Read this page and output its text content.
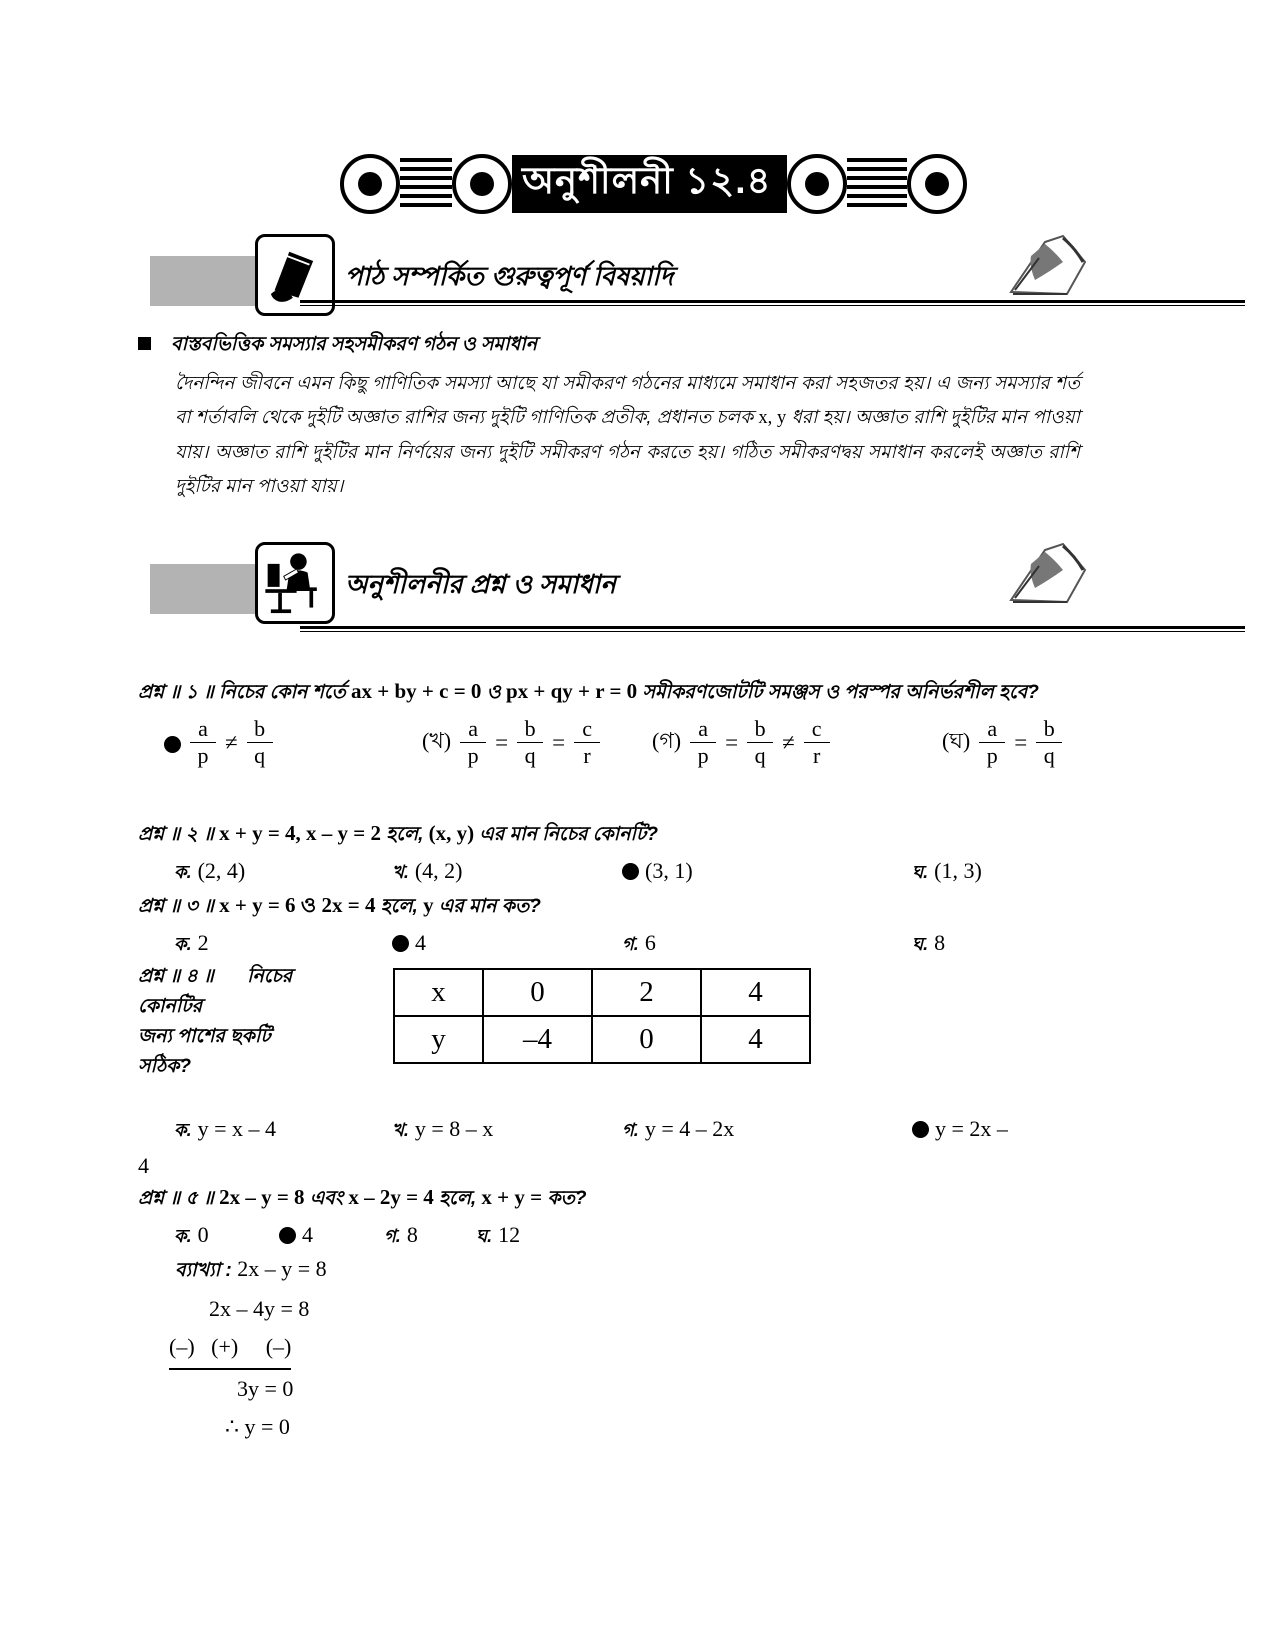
অনুশীলনী ১২.৪
পাঠ সম্পর্কিত গুরুত্বপূর্ণ বিষয়াদি
বাস্তবভিত্তিক সমস্যার সহসমীকরণ গঠন ও সমাধান
দৈনন্দিন জীবনে এমন কিছু গাণিতিক সমস্যা আছে যা সমীকরণ গঠনের মাধ্যমে সমাধান করা সহজতর হয়। এ জন্য সমস্যার শর্ত বা শর্তাবলি থেকে দুইটি অজ্ঞাত রাশির জন্য দুইটি গাণিতিক প্রতীক, প্রধানত চলক x, y ধরা হয়। অজ্ঞাত রাশি দুইটির মান পাওয়া যায়। অজ্ঞাত রাশি দুইটির মান নির্ণয়ের জন্য দুইটি সমীকরণ গঠন করতে হয়। গঠিত সমীকরণদ্বয় সমাধান করলেই অজ্ঞাত রাশি দুইটির মান পাওয়া যায়।
অনুশীলনীর প্রশ্ন ও সমাধান
প্রশ্ন ॥ ১ ॥ নিচের কোন শর্তে ax + by + c = 0 ও px + qy + r = 0 সমীকরণজোটটি সমঞ্জস ও পরস্পর অনির্ভরশীল হবে?
$\frac{a}{p} \ne \frac{b}{q}$	(খ) $\frac{a}{p} = \frac{b}{q} = \frac{c}{r}$ (গ) $\frac{a}{p} = \frac{b}{q} \ne \frac{c}{r}$	(ঘ) $\frac{a}{p} = \frac{b}{q}$
প্রশ্ন ॥ ২ ॥ x + y = 4, x – y = 2 হলে, (x, y) এর মান নিচের কোনটি?
ক. (2, 4)	খ. (4, 2)	(3, 1)	ঘ. (1, 3)
প্রশ্ন ॥ ৩ ॥ x + y = 6 ও 2x = 4 হলে, y এর মান কত?
ক. 2	4	গ. 6	ঘ. 8
প্রশ্ন ॥ ৪ ॥ নিচের
কোনটির
জন্য পাশের ছকটি
সঠিক?
x	0	2	4
y	–4	0	4
ক. y = x – 4	খ. y = 8 – x	গ. y = 4 – 2x	y = 2x –
4
প্রশ্ন ॥ ৫ ॥ 2x – y = 8 এবং x – 2y = 4 হলে, x + y = কত?
ক. 0	4	গ. 8	ঘ. 12
ব্যাখ্যা : 2x – y = 8
2x – 4y = 8
(–)   (+)     (–)
3y = 0
∴ y = 0
